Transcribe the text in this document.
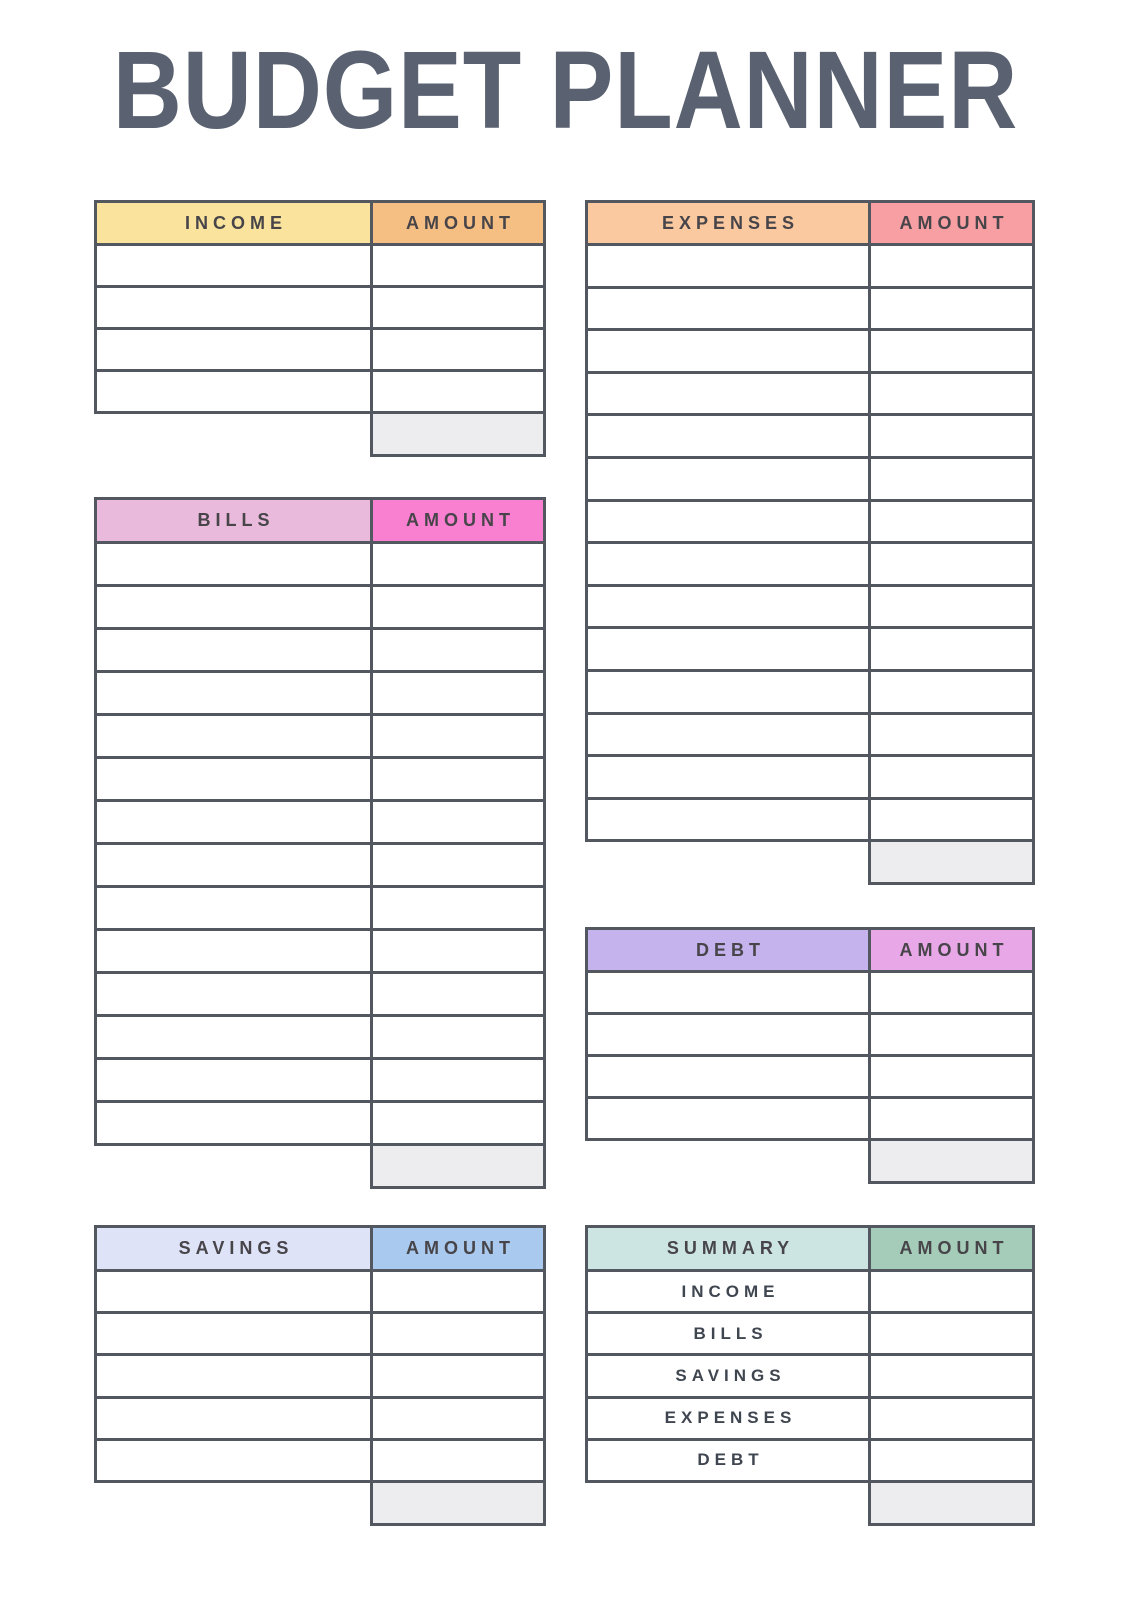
BUDGET PLANNER
INCOME	AMOUNT
BILLS	AMOUNT
SAVINGS	AMOUNT
EXPENSES	AMOUNT
DEBT	AMOUNT
SUMMARY	AMOUNT
INCOME
BILLS
SAVINGS
EXPENSES
DEBT
